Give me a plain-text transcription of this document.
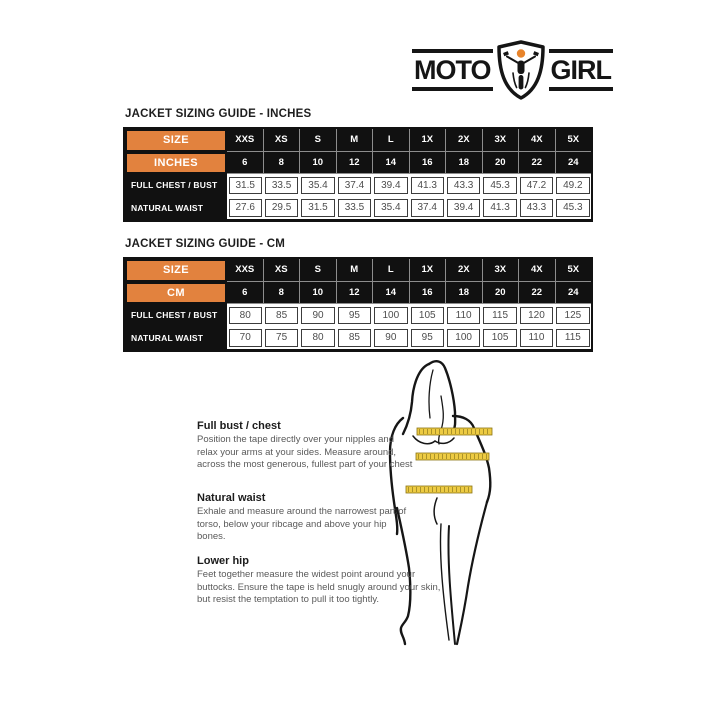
MOTO GIRL
JACKET SIZING GUIDE - INCHES
SIZE	XXS	XS	S	M	L	1X	2X	3X	4X	5X
INCHES	6	8	10	12	14	16	18	20	22	24
FULL CHEST / BUST	31.5	33.5	35.4	37.4	39.4	41.3	43.3	45.3	47.2	49.2
NATURAL WAIST	27.6	29.5	31.5	33.5	35.4	37.4	39.4	41.3	43.3	45.3
JACKET SIZING GUIDE - CM
SIZE	XXS	XS	S	M	L	1X	2X	3X	4X	5X
CM	6	8	10	12	14	16	18	20	22	24
FULL CHEST / BUST	80	85	90	95	100	105	110	115	120	125
NATURAL WAIST	70	75	80	85	90	95	100	105	110	115
Full bust / chest

Position the tape directly over your nipples and relax your arms at your sides. Measure around, across the most generous, fullest part of your chest

Natural waist

Exhale and measure around the narrowest part of torso, below your ribcage and above your hip bones.

Lower hip

Feet together measure the widest point around your buttocks. Ensure the tape is held snugly around your skin, but resist the temptation to pull it too tightly.
